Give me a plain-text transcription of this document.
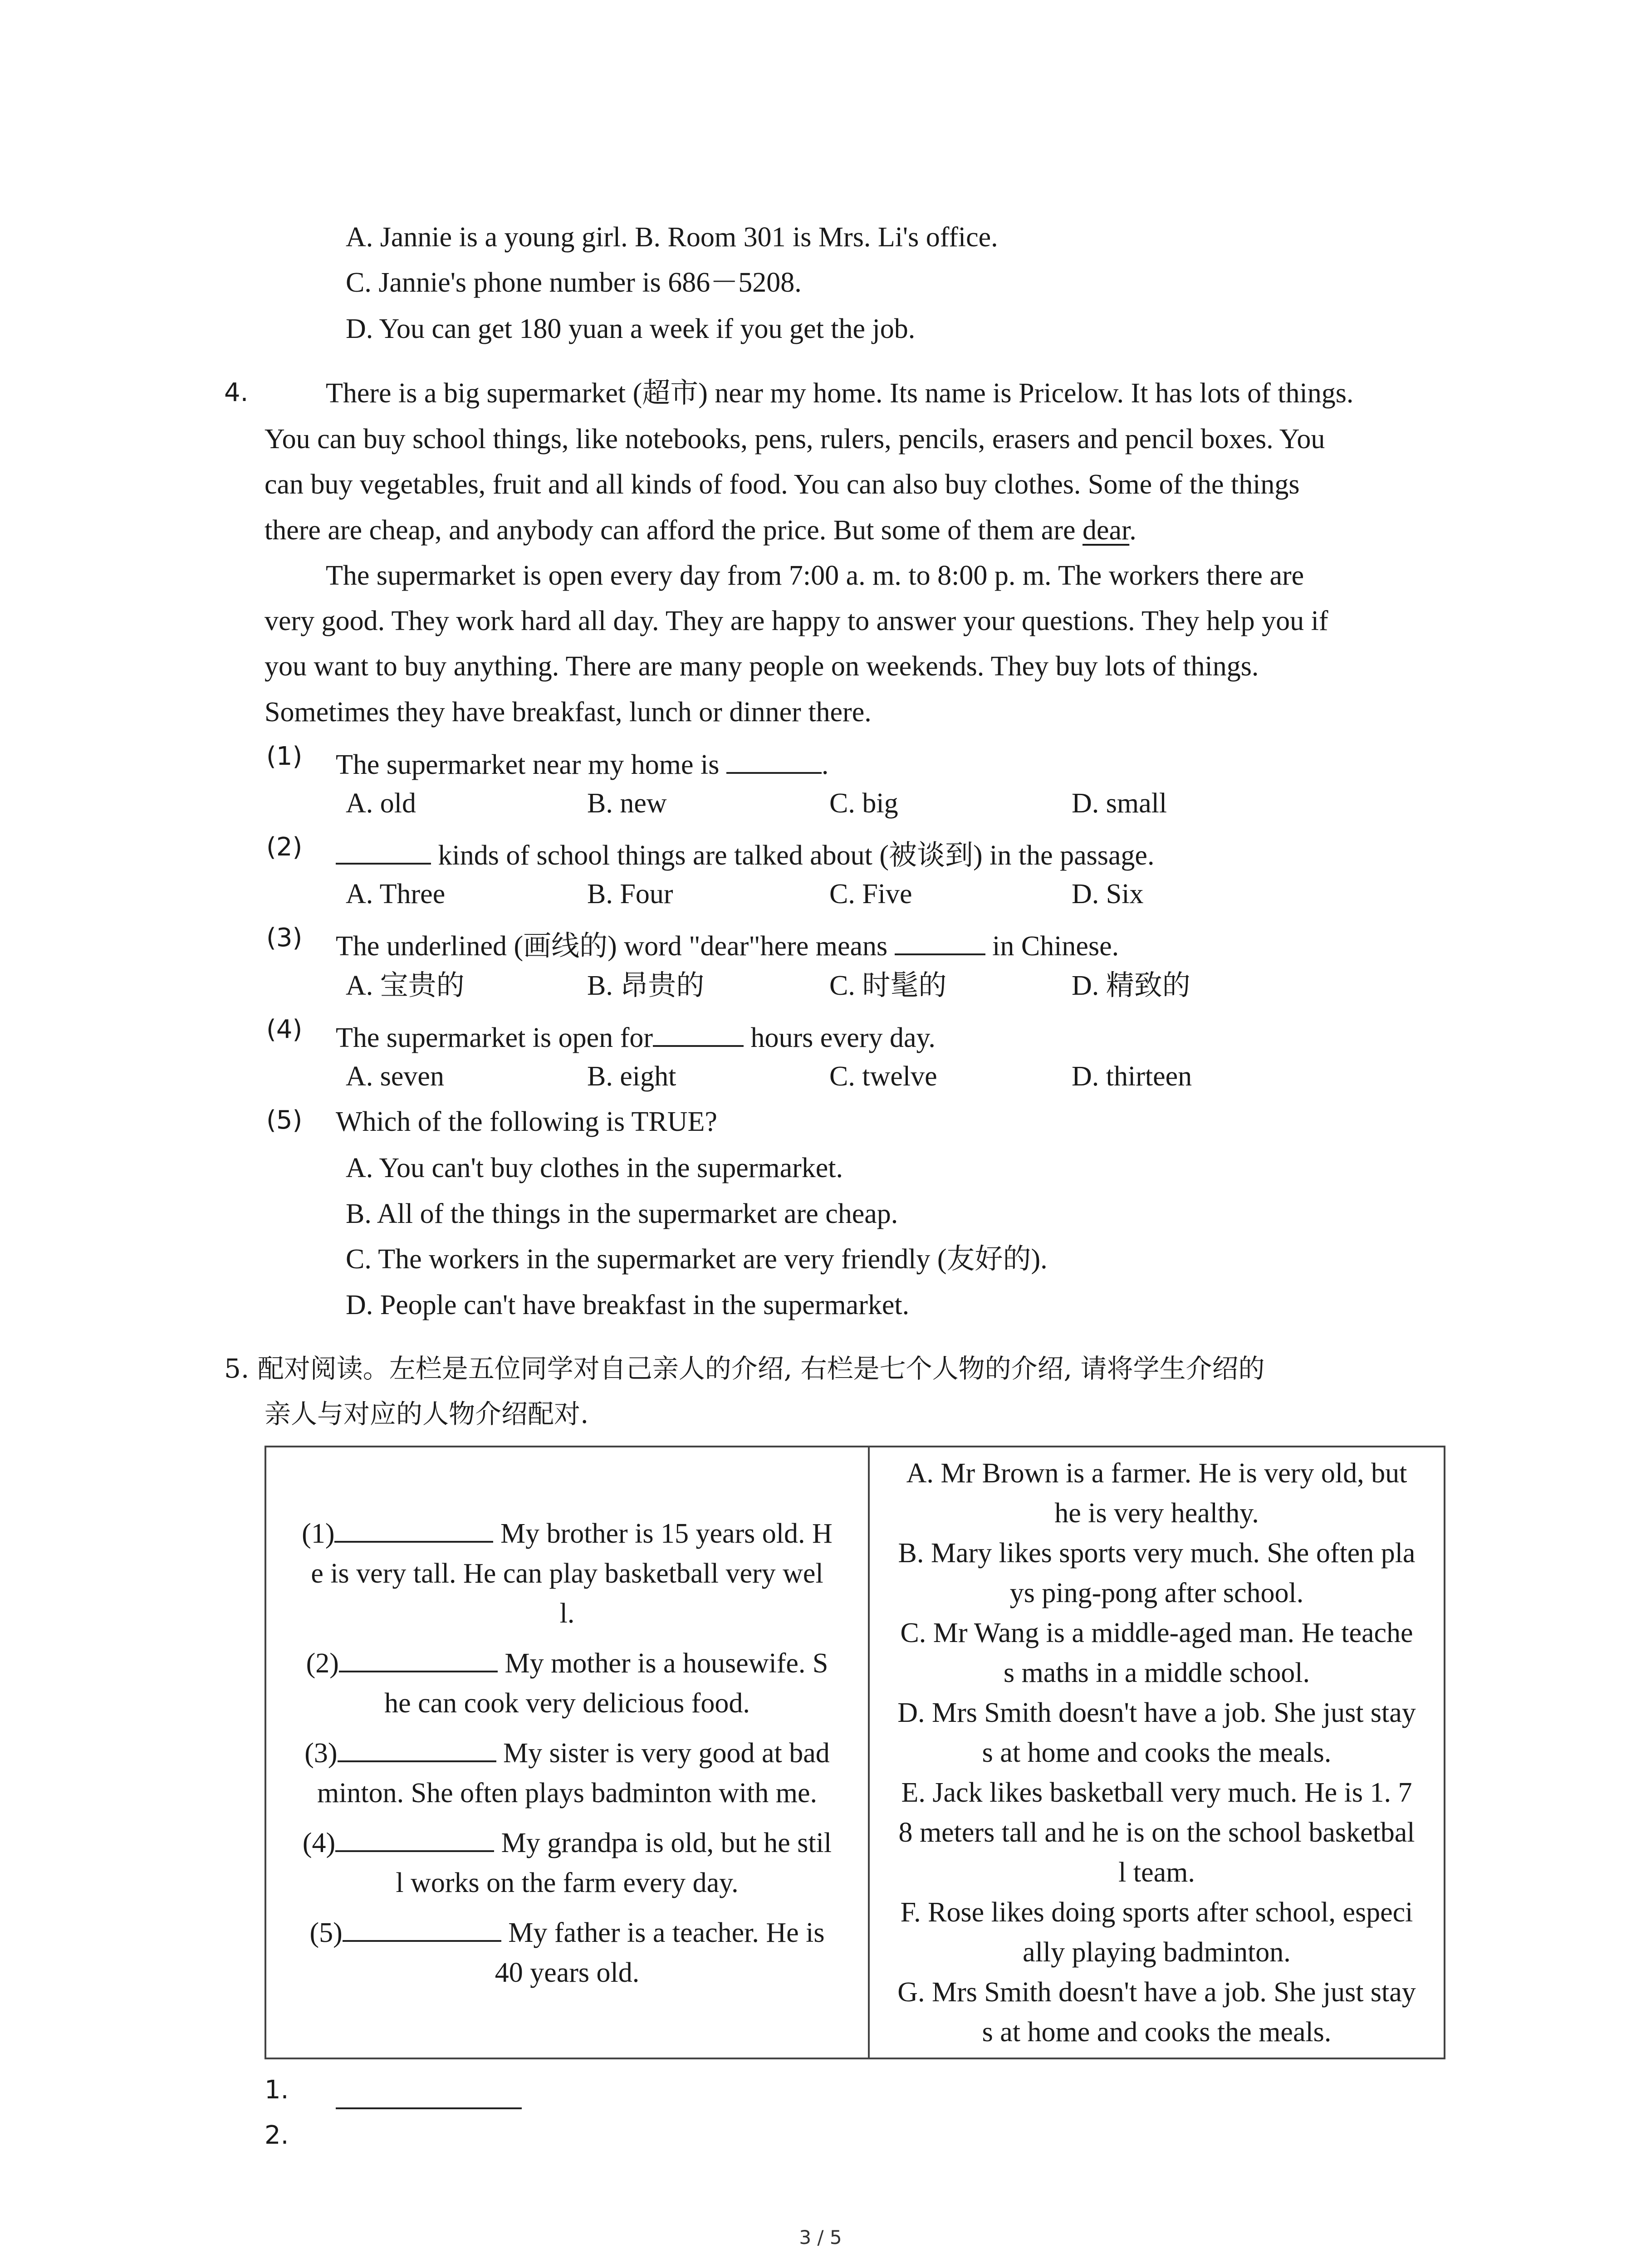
A. Jannie is a young girl. B. Room 301 is Mrs. Li's office.
C. Jannie's phone number is 686－5208.
D. You can get 180 yuan a week if you get the job.
4.	There is a big supermarket (超市) near my home. Its name is Pricelow. It has lots of things.
You can buy school things, like notebooks, pens, rulers, pencils, erasers and pencil boxes. You
can buy vegetables, fruit and all kinds of food. You can also buy clothes. Some of the things
there are cheap, and anybody can afford the price. But some of them are dear.
The supermarket is open every day from 7:00 a. m. to 8:00 p. m. The workers there are
very good. They work hard all day. They are happy to answer your questions. They help you if
you want to buy anything. There are many people on weekends. They buy lots of things.
Sometimes they have breakfast, lunch or dinner there.
(1) The supermarket near my home is	.
A. old	B. new	C. big	D. small
(2)	kinds of school things are talked about (被谈到) in the passage.
A. Three	B. Four	C. Five	D. Six
(3) The underlined (画线的) word "dear"here means	in Chinese.
A. 宝贵的	B. 昂贵的	C. 时髦的	D. 精致的
(4) The supermarket is open for	hours every day.
A. seven	B. eight	C. twelve	D. thirteen
(5) Which of the following is TRUE?
A. You can't buy clothes in the supermarket.
B. All of the things in the supermarket are cheap.
C. The workers in the supermarket are very friendly (友好的).
D. People can't have breakfast in the supermarket.
5. 配对阅读。左栏是五位同学对自己亲人的介绍, 右栏是七个人物的介绍, 请将学生介绍的
亲人与对应的人物介绍配对.
(1)	My brother is 15 years old. H
e is very tall. He can play basketball very wel
l.
(2)	My mother is a housewife. S
he can cook very delicious food.
(3)	My sister is very good at bad
minton. She often plays badminton with me.
(4)	My grandpa is old, but he stil
l works on the farm every day.
(5)	My father is a teacher. He is
40 years old.

A. Mr Brown is a farmer. He is very old, but
he is very healthy.
B. Mary likes sports very much. She often pla
ys ping-pong after school.
C. Mr Wang is a middle-aged man. He teache
s maths in a middle school.
D. Mrs Smith doesn't have a job. She just stay
s at home and cooks the meals.
E. Jack likes basketball very much. He is 1. 7
8 meters tall and he is on the school basketbal
l team.
F. Rose likes doing sports after school, especi
ally playing badminton.
G. Mrs Smith doesn't have a job. She just stay
s at home and cooks the meals.
1.
2.
3 / 5
